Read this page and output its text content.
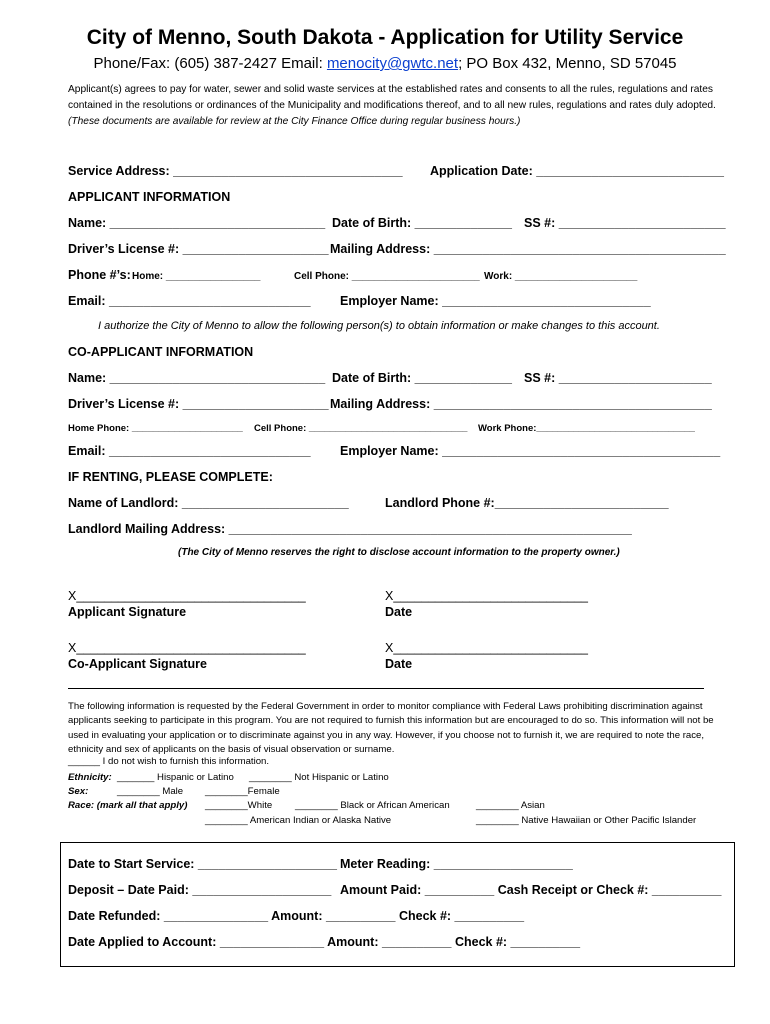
City of Menno, South Dakota - Application for Utility Service
Phone/Fax: (605) 387-2427 Email: menocity@gwtc.net; PO Box 432, Menno, SD 57045
Applicant(s) agrees to pay for water, sewer and solid waste services at the established rates and consents to all the rules, regulations and rates contained in the resolutions or ordinances of the Municipality and modifications thereof, and to all new rules, regulations and rates duly adopted. (These documents are available for review at the City Finance Office during regular business hours.)
Service Address: _________________________________ Application Date: ___________________________
APPLICANT INFORMATION
Name: _______________________________ Date of Birth: ______________ SS #: ________________________
Driver’s License #: _____________________ Mailing Address: __________________________________________
Phone #’s: Home: _________________	Cell Phone: _______________________ Work: ______________________
Email: _____________________________ Employer Name: ______________________________
I authorize the City of Menno to allow the following person(s) to obtain information or make changes to this account.
CO-APPLICANT INFORMATION
Name: _______________________________ Date of Birth: ______________ SS #: ______________________
Driver’s License #: _____________________ Mailing Address: ________________________________________
Home Phone: _____________________ Cell Phone: ______________________________ Work Phone:______________________________
Email: _____________________________ Employer Name: ________________________________________
IF RENTING, PLEASE COMPLETE:
Name of Landlord: ________________________	Landlord Phone #:_________________________
Landlord Mailing Address: __________________________________________________________
(The City of Menno reserves the right to disclose account information to the property owner.)
X_________________________________	X____________________________
Applicant Signature	Date
X_________________________________	X____________________________
Co-Applicant Signature	Date
The following information is requested by the Federal Government in order to monitor compliance with Federal Laws prohibiting discrimination against applicants seeking to participate in this program. You are not required to furnish this information but are encouraged to do so. This information will not be used in evaluating your application or to discriminate against you in any way. However, if you choose not to furnish it, we are required to note the race, ethnicity and sex of applicants on the basis of visual observation or surname.
______ I do not wish to furnish this information.
Ethnicity: _______ Hispanic or Latino ________ Not Hispanic or Latino
Sex:	________ Male ________Female
Race: (mark all that apply) ________White ________ Black or African American	________ Asian
________ American Indian or Alaska Native	________ Native Hawaiian or Other Pacific Islander
Date to Start Service: ____________________ Meter Reading: ____________________
Deposit – Date Paid: ____________________ Amount Paid: __________ Cash Receipt or Check #: __________
Date Refunded: _______________ Amount: __________ Check #: __________
Date Applied to Account: _______________ Amount: __________ Check #: __________
